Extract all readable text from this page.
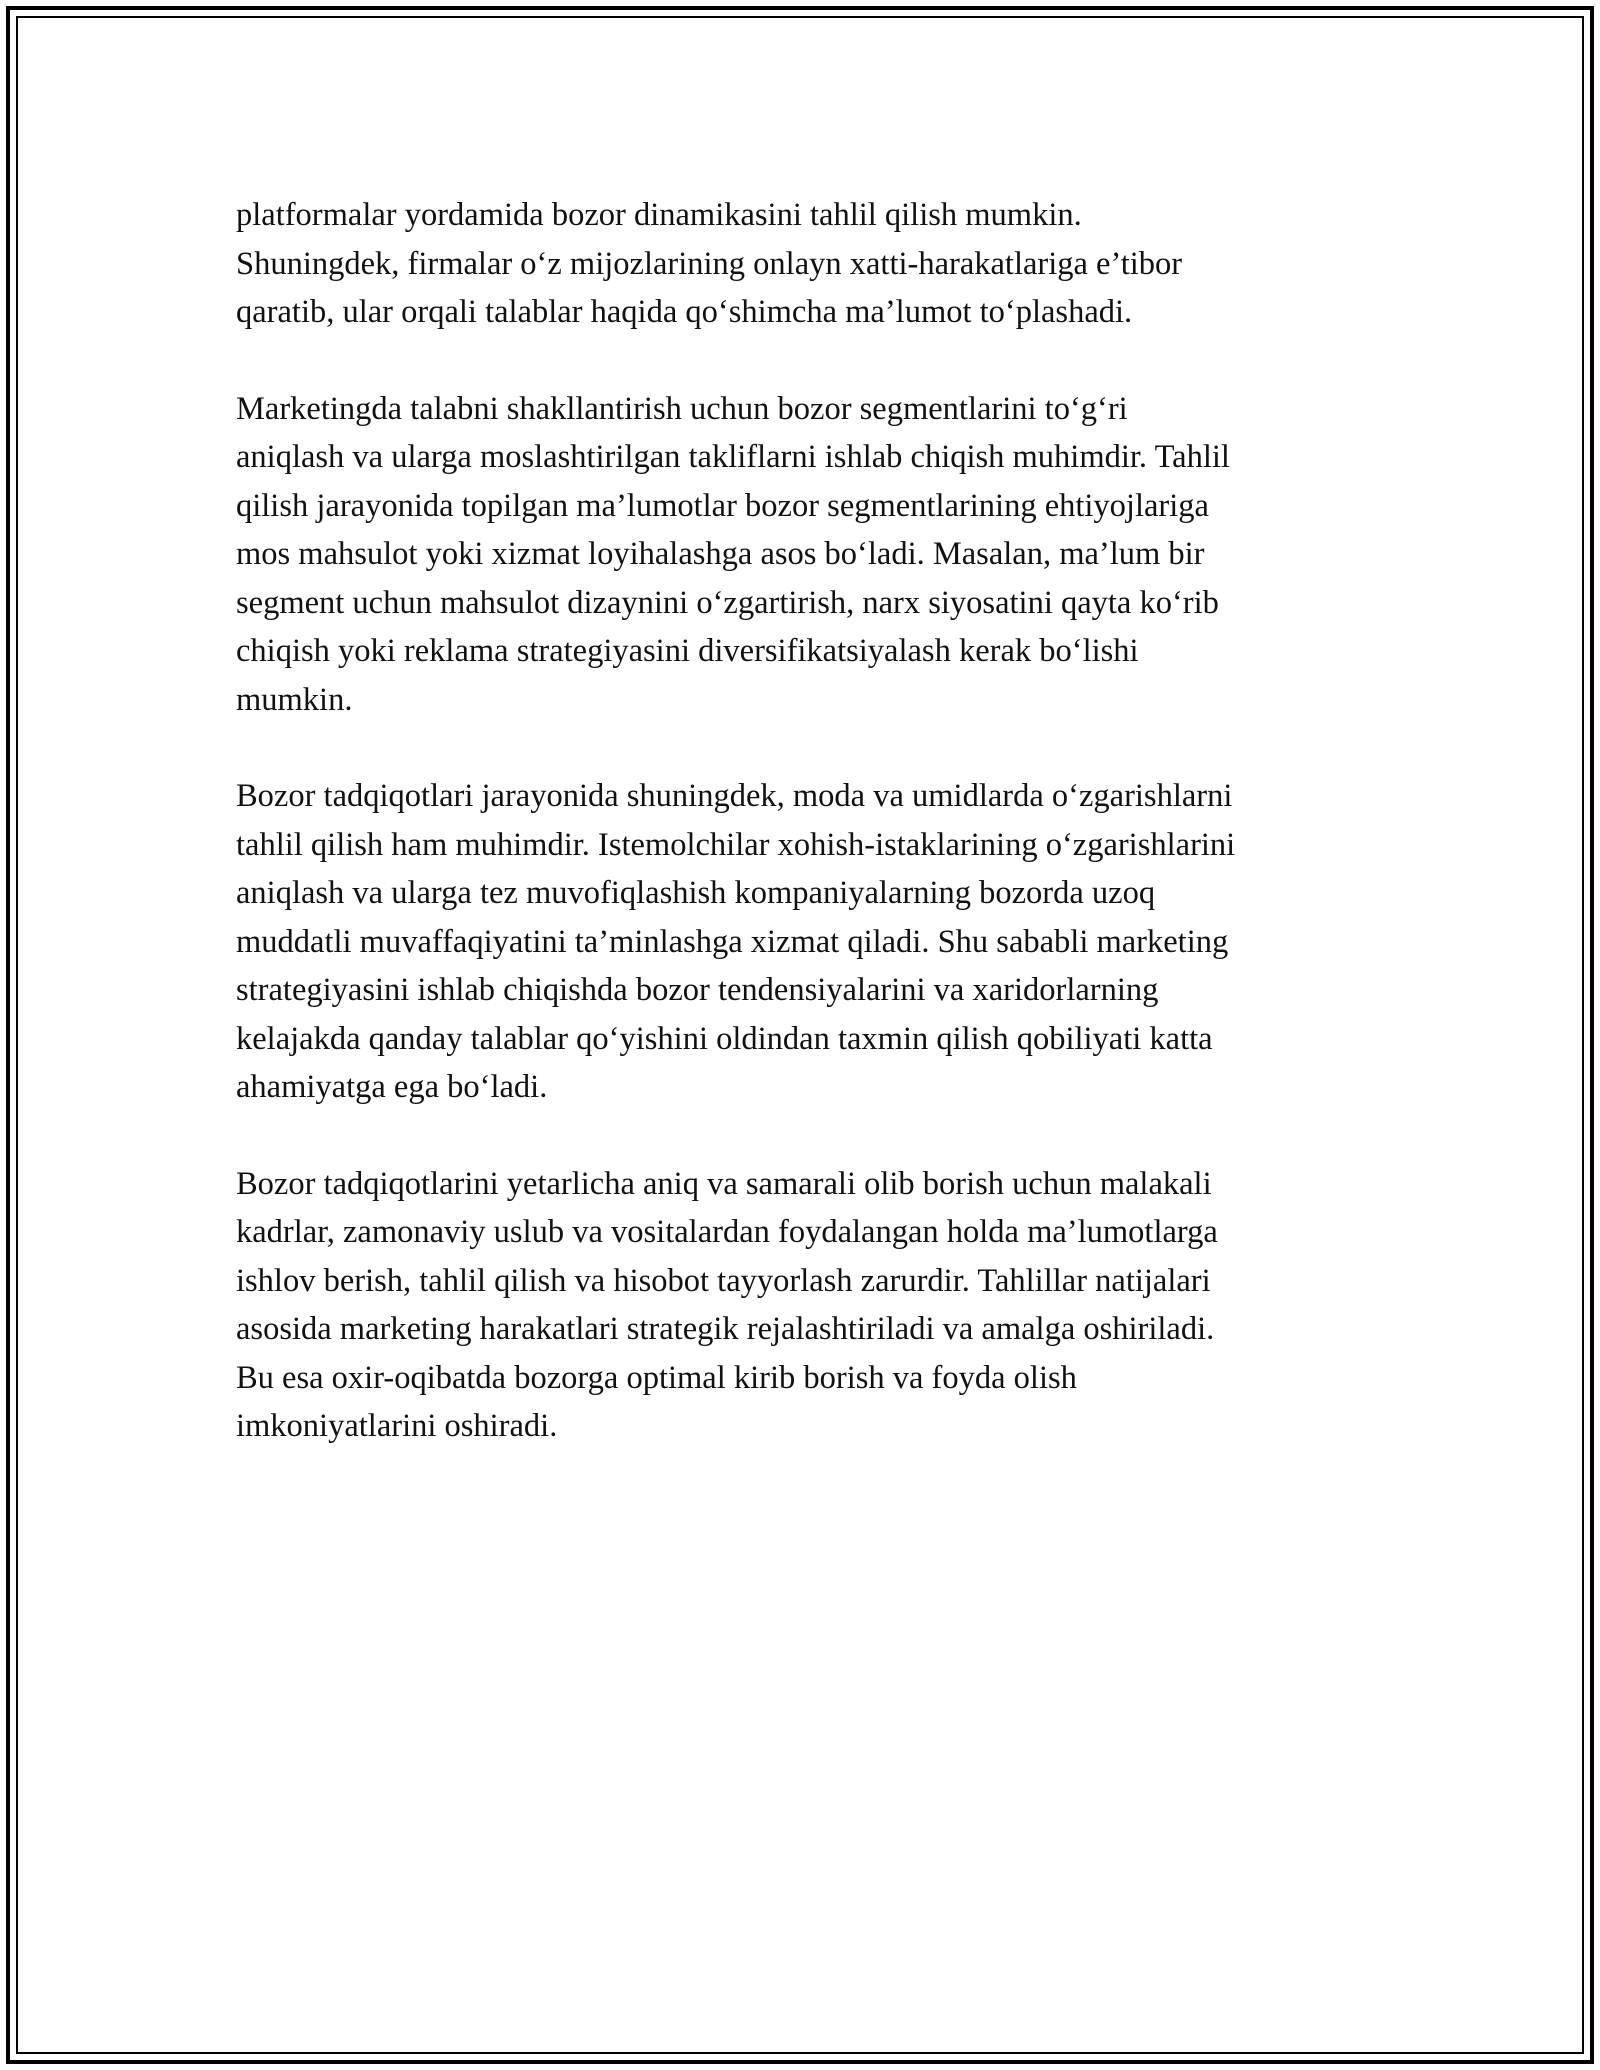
platformalar yordamida bozor dinamikasini tahlil qilish mumkin.
Shuningdek, firmalar o‘z mijozlarining onlayn xatti-harakatlariga e’tibor
qaratib, ular orqali talablar haqida qo‘shimcha ma’lumot to‘plashadi.

Marketingda talabni shakllantirish uchun bozor segmentlarini to‘g‘ri
aniqlash va ularga moslashtirilgan takliflarni ishlab chiqish muhimdir. Tahlil
qilish jarayonida topilgan ma’lumotlar bozor segmentlarining ehtiyojlariga
mos mahsulot yoki xizmat loyihalashga asos bo‘ladi. Masalan, ma’lum bir
segment uchun mahsulot dizaynini o‘zgartirish, narx siyosatini qayta ko‘rib
chiqish yoki reklama strategiyasini diversifikatsiyalash kerak bo‘lishi
mumkin.

Bozor tadqiqotlari jarayonida shuningdek, moda va umidlarda o‘zgarishlarni
tahlil qilish ham muhimdir. Istemolchilar xohish-istaklarining o‘zgarishlarini
aniqlash va ularga tez muvofiqlashish kompaniyalarning bozorda uzoq
muddatli muvaffaqiyatini ta’minlashga xizmat qiladi. Shu sababli marketing
strategiyasini ishlab chiqishda bozor tendensiyalarini va xaridorlarning
kelajakda qanday talablar qo‘yishini oldindan taxmin qilish qobiliyati katta
ahamiyatga ega bo‘ladi.

Bozor tadqiqotlarini yetarlicha aniq va samarali olib borish uchun malakali
kadrlar, zamonaviy uslub va vositalardan foydalangan holda ma’lumotlarga
ishlov berish, tahlil qilish va hisobot tayyorlash zarurdir. Tahlillar natijalari
asosida marketing harakatlari strategik rejalashtiriladi va amalga oshiriladi.
Bu esa oxir-oqibatda bozorga optimal kirib borish va foyda olish
imkoniyatlarini oshiradi.
